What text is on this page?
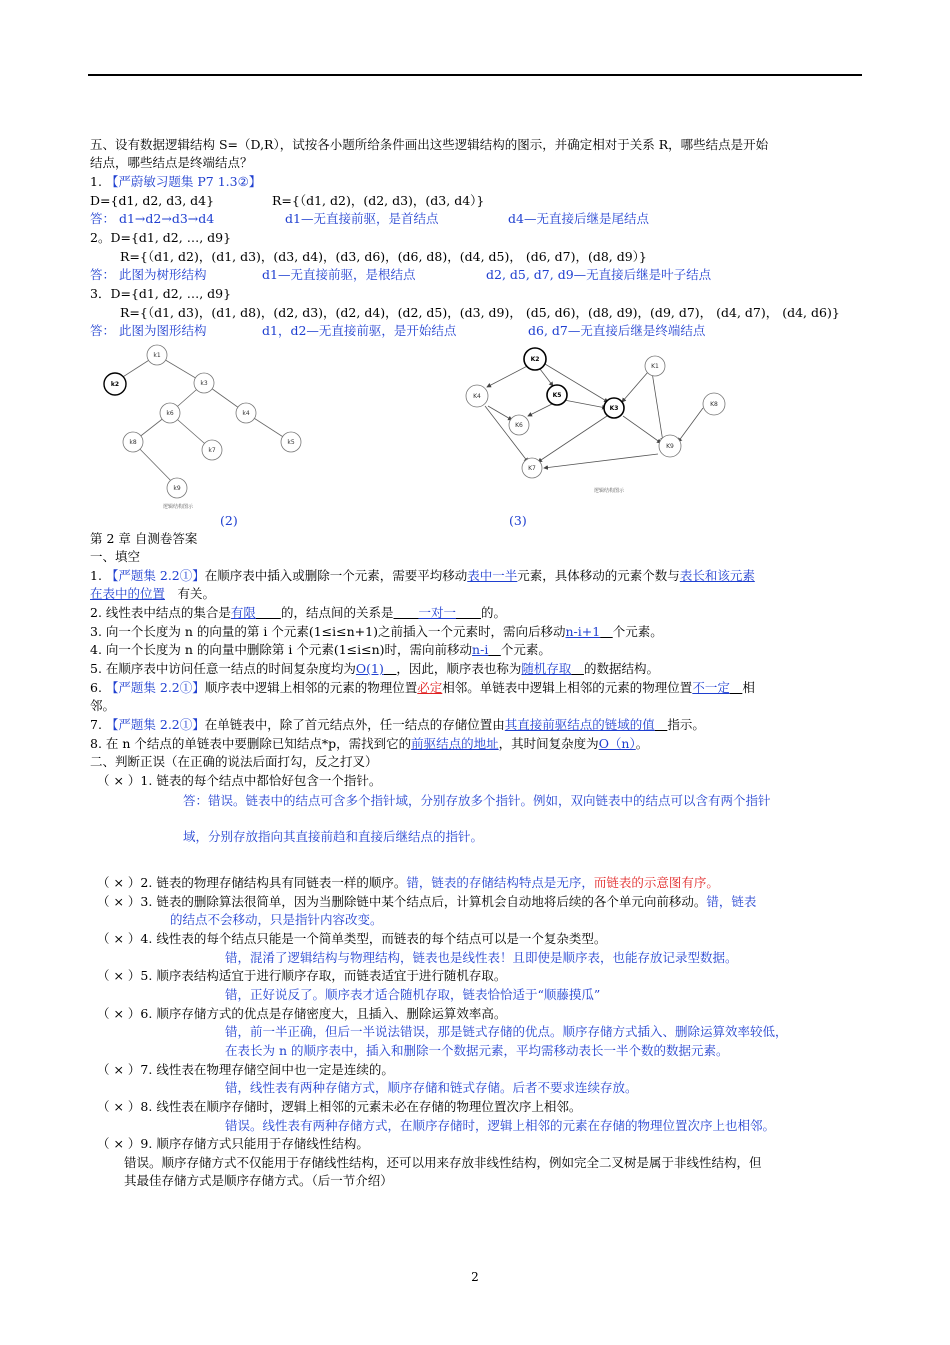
五、设有数据逻辑结构 S=（D,R），试按各小题所给条件画出这些逻辑结构的图示，并确定相对于关系 R，哪些结点是开始
结点，哪些结点是终端结点？
1. 【严蔚敏习题集 P7 1.3②】
D={d1, d2, d3, d4}	R={（d1, d2)，(d2, d3)，(d3, d4）}
答： d1→d2→d3→d4	d1—无直接前驱，是首结点	d4—无直接后继是尾结点
2。D={d1, d2, …, d9}
R={（d1, d2)，(d1, d3)，(d3, d4)，(d3, d6)，(d6, d8)，(d4, d5)， (d6, d7)，(d8, d9）}
答： 此图为树形结构	d1—无直接前驱，是根结点	d2, d5, d7, d9—无直接后继是叶子结点
3．D={d1, d2, …, d9}
R={（d1, d3)，(d1, d8)，(d2, d3)，(d2, d4)，(d2, d5)，(d3, d9)， (d5, d6)，(d8, d9)，(d9, d7)， (d4, d7)， (d4, d6)}
答： 此图为图形结构	d1，d2—无直接前驱，是开始结点	d6, d7—无直接后继是终端结点
k1
k2	k3
k6	k4
k8
k7
k5
k9
逻辑结构图示
(2)
K2
K1
K4	K5
K3
K8
K6
K9
K7
逻辑结构图示
(3)
第 2 章 自测卷答案
一、填空
1. 【严题集 2.2①】在顺序表中插入或删除一个元素，需要平均移动表中一半元素，具体移动的元素个数与表长和该元素
在表中的位置　 有关。
2. 线性表中结点的集合是有限　　 的，结点间的关系是　　 一对一　　 的。
3. 向一个长度为 n 的向量的第 i 个元素(1≤i≤n+1)之前插入一个元素时，需向后移动n-i+1　 个元素。
4. 向一个长度为 n 的向量中删除第 i 个元素(1≤i≤n)时，需向前移动n-i　 个元素。
5. 在顺序表中访问任意一结点的时间复杂度均为O(1)　 ，因此，顺序表也称为随机存取　 的数据结构。
6. 【严题集 2.2①】顺序表中逻辑上相邻的元素的物理位置必定相邻。单链表中逻辑上相邻的元素的物理位置不一定　 相
邻。
7. 【严题集 2.2①】在单链表中，除了首元结点外，任一结点的存储位置由其直接前驱结点的链域的值　 指示。
8. 在 n 个结点的单链表中要删除已知结点*p，需找到它的前驱结点的地址，其时间复杂度为O（n）。
二、判断正误（在正确的说法后面打勾，反之打叉）
（ × ）1. 链表的每个结点中都恰好包含一个指针。
答：错误。链表中的结点可含多个指针域，分别存放多个指针。例如，双向链表中的结点可以含有两个指针
域，分别存放指向其直接前趋和直接后继结点的指针。
（ × ）2. 链表的物理存储结构具有同链表一样的顺序。错，链表的存储结构特点是无序，而链表的示意图有序。
（ × ）3. 链表的删除算法很简单，因为当删除链中某个结点后，计算机会自动地将后续的各个单元向前移动。错，链表
的结点不会移动，只是指针内容改变。
（ × ）4. 线性表的每个结点只能是一个简单类型，而链表的每个结点可以是一个复杂类型。
错，混淆了逻辑结构与物理结构，链表也是线性表！且即使是顺序表，也能存放记录型数据。
（ × ）5. 顺序表结构适宜于进行顺序存取，而链表适宜于进行随机存取。
错，正好说反了。顺序表才适合随机存取，链表恰恰适于“顺藤摸瓜”
（ × ）6. 顺序存储方式的优点是存储密度大，且插入、删除运算效率高。
错，前一半正确，但后一半说法错误，那是链式存储的优点。顺序存储方式插入、删除运算效率较低，
在表长为 n 的顺序表中，插入和删除一个数据元素，平均需移动表长一半个数的数据元素。
（ × ）7. 线性表在物理存储空间中也一定是连续的。
错，线性表有两种存储方式，顺序存储和链式存储。后者不要求连续存放。
（ × ）8. 线性表在顺序存储时，逻辑上相邻的元素未必在存储的物理位置次序上相邻。
错误。线性表有两种存储方式，在顺序存储时，逻辑上相邻的元素在存储的物理位置次序上也相邻。
（ × ）9. 顺序存储方式只能用于存储线性结构。
错误。顺序存储方式不仅能用于存储线性结构，还可以用来存放非线性结构，例如完全二叉树是属于非线性结构，但
其最佳存储方式是顺序存储方式。（后一节介绍）
2
